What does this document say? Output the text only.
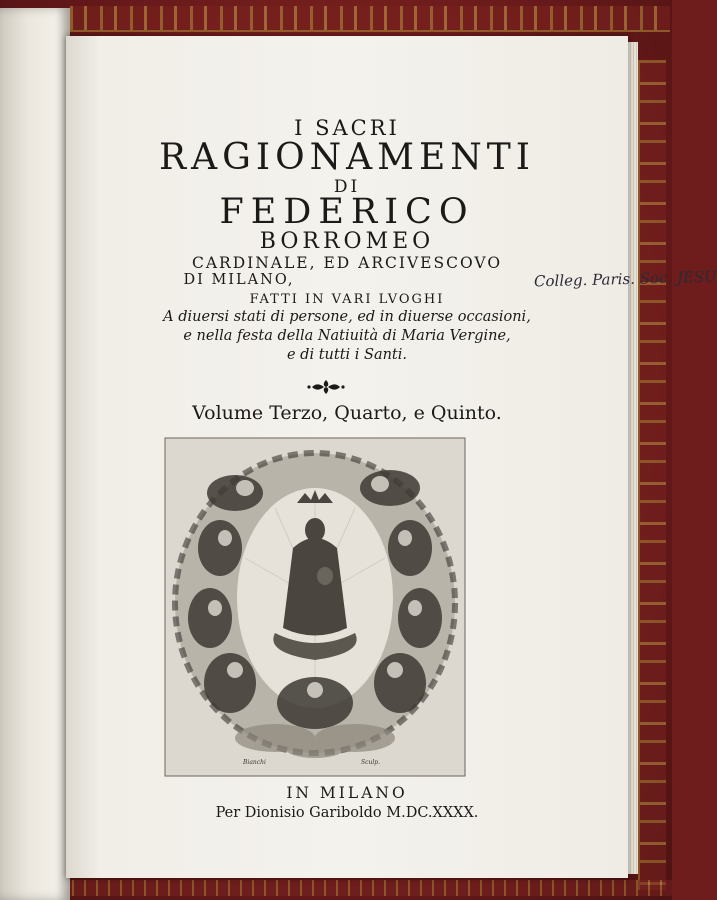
I SACRI
RAGIONAMENTI
DI
FEDERICO
BORROMEO
CARDINALE, ED ARCIVESCOVO
DI MILANO,
FATTI IN VARI LVOGHI
A diuersi stati di persone, ed in diuerse occasioni,
e nella festa della Natiuità di Maria Vergine,
e di tutti i Santi.
Volume Terzo, Quarto, e Quinto.
Bianchi	Sculp.
IN MILANO
Per Dionisio Gariboldo M.DC.XXXX.
Colleg. Paris. Soc. JESU
